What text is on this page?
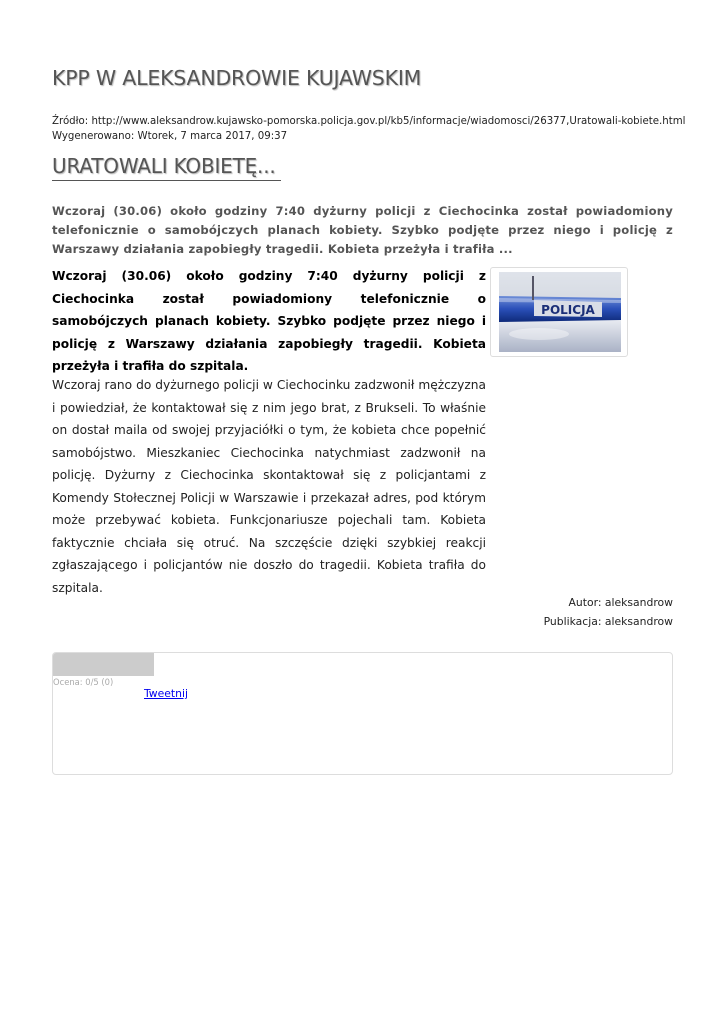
KPP W ALEKSANDROWIE KUJAWSKIM
Źródło: http://www.aleksandrow.kujawsko-pomorska.policja.gov.pl/kb5/informacje/wiadomosci/26377,Uratowali-kobiete.html
Wygenerowano: Wtorek, 7 marca 2017, 09:37
URATOWALI KOBIETĘ...
Wczoraj (30.06) około godziny 7:40 dyżurny policji z Ciechocinka został powiadomiony telefonicznie o samobójczych planach kobiety. Szybko podjęte przez niego i policję z Warszawy działania zapobiegły tragedii. Kobieta przeżyła i trafiła ...
Wczoraj (30.06) około godziny 7:40 dyżurny policji z Ciechocinka został powiadomiony telefonicznie o samobójczych planach kobiety. Szybko podjęte przez niego i policję z Warszawy działania zapobiegły tragedii. Kobieta przeżyła i trafiła do szpitala.
POLICJA
Wczoraj rano do dyżurnego policji w Ciechocinku zadzwonił mężczyzna i powiedział, że kontaktował się z nim jego brat, z Brukseli. To właśnie on dostał maila od swojej przyjaciółki o tym, że kobieta chce popełnić samobójstwo. Mieszkaniec Ciechocinka natychmiast zadzwonił na policję. Dyżurny z Ciechocinka skontaktował się z policjantami z Komendy Stołecznej Policji w Warszawie i przekazał adres, pod którym może przebywać kobieta. Funkcjonariusze pojechali tam. Kobieta faktycznie chciała się otruć. Na szczęście dzięki szybkiej reakcji zgłaszającego i policjantów nie doszło do tragedii. Kobieta trafiła do szpitala.
Autor: aleksandrow
Publikacja: aleksandrow
Ocena: 0/5 (0)
Tweetnij
